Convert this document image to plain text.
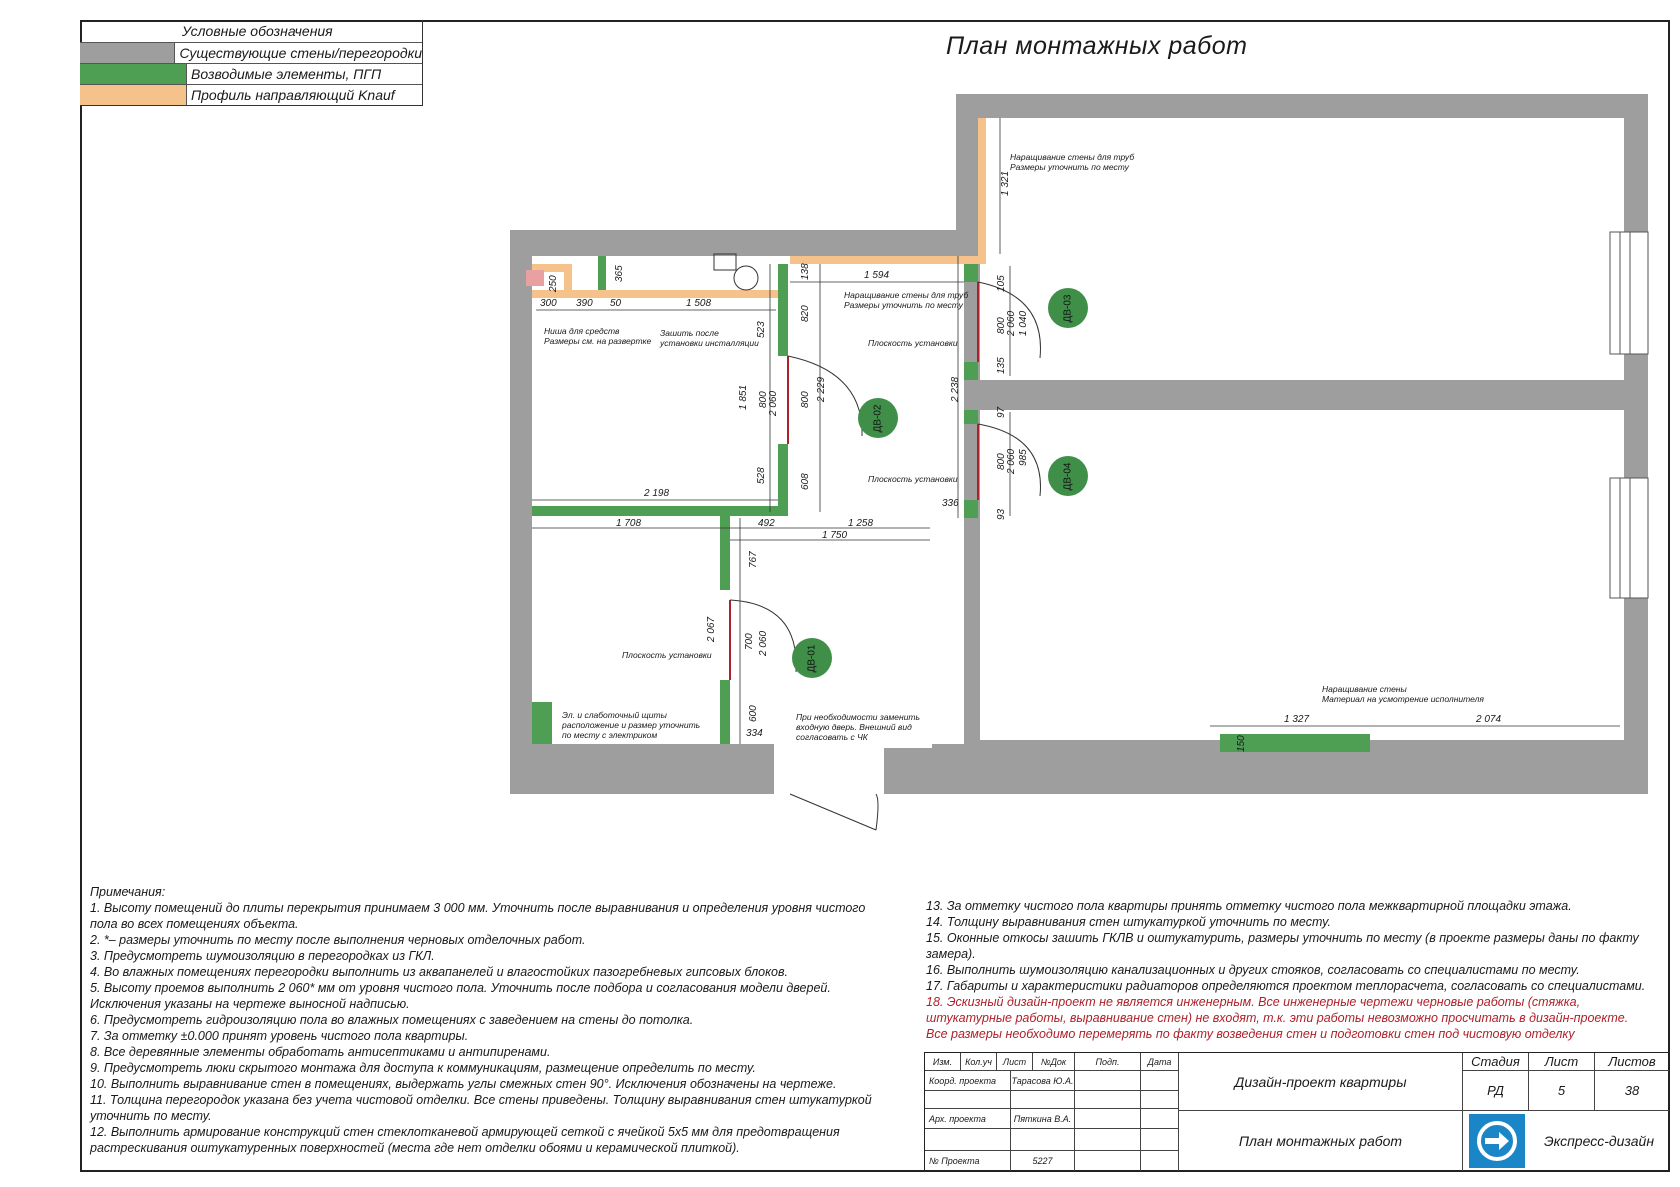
Условные обозначения
Существующие стены/перегородки
Возводимые элементы, ПГП
Профиль направляющий Knauf
План монтажных работ
ДВ-02
ДВ-01
ДВ-03
ДВ-04
300 390 50	1 508
1 594
2 198
1 708	492	1 258
1 750
336
334
1 327	2 074
250
365	138
1 321
523
820
1 851 800 2 060 800 2 229
528	608
2 238
105
800 2 060 1 040
135
97
800 2 060 985
93
767
2 067	700 2 060
600
150
Наращивание стены для труб
Размеры уточнить по месту
Наращивание стены для труб
Размеры уточнить по месту
Ниша для средств
Размеры см. на развертке
Зашить после
установки инсталляции	Плоскость установки
Плоскость установки
Плоскость установки
Эл. и слаботочный щиты
расположение и размер уточнить
по месту с электриком
При необходимости заменить
входную дверь. Внешний вид
согласовать с ЧК
Наращивание стены
Материал на усмотрение исполнителя
Примечания:
1. Высоту помещений до плиты перекрытия принимаем 3 000 мм. Уточнить после выравнивания и определения уровня чистого
пола во всех помещениях объекта.
2. *– размеры уточнить по месту после выполнения черновых отделочных работ.
3. Предусмотреть шумоизоляцию в перегородках из ГКЛ.
4. Во влажных помещениях перегородки выполнить из аквапанелей и влагостойких пазогребневых гипсовых блоков.
5. Высоту проемов выполнить 2 060* мм от уровня чистого пола. Уточнить после подбора и согласования модели дверей.
Исключения указаны на чертеже выносной надписью.
6. Предусмотреть гидроизоляцию пола во влажных помещениях с заведением на стены до потолка.
7. За отметку ±0.000 принят уровень чистого пола квартиры.
8. Все деревянные элементы обработать антисептиками и антипиренами.
9. Предусмотреть люки скрытого монтажа для доступа к коммуникациям, размещение определить по месту.
10. Выполнить выравнивание стен в помещениях, выдержать углы смежных стен 90°. Исключения обозначены на чертеже.
11. Толщина перегородок указана без учета чистовой отделки. Все стены приведены. Толщину выравнивания стен штукатуркой
уточнить по месту.
12. Выполнить армирование конструкций стен стеклотканевой армирующей сеткой с ячейкой 5х5 мм для предотвращения
растрескивания оштукатуренных поверхностей (места где нет отделки обоями и керамической плиткой).
13. За отметку чистого пола квартиры принять отметку чистого пола межквартирной площадки этажа.
14. Толщину выравнивания стен штукатуркой уточнить по месту.
15. Оконные откосы зашить ГКЛВ и оштукатурить, размеры уточнить по месту (в проекте размеры даны по факту
замера).
16. Выполнить шумоизоляцию канализационных и других стояков, согласовать со специалистами по месту.
17. Габариты и характеристики радиаторов определяются проектом теплорасчета, согласовать со специалистами.
18. Эскизный дизайн-проект не является инженерным. Все инженерные чертежи черновые работы (стяжка,
штукатурные работы, выравнивание стен) не входят, т.к. эти работы невозможно просчитать в дизайн-проекте.
Все размеры необходимо перемерять по факту возведения стен и подготовки стен под чистовую отделку
Изм.	Кол.уч	Лист	№Док	Подп.	Дата
Коорд. проекта	Тарасова Ю.А.
Арх. проекта	Пяткина В.А.
№ Проекта	5227
Дизайн-проект квартиры
План монтажных работ
Стадия	Лист	Листов
РД	5	38
Экспресс-дизайн
